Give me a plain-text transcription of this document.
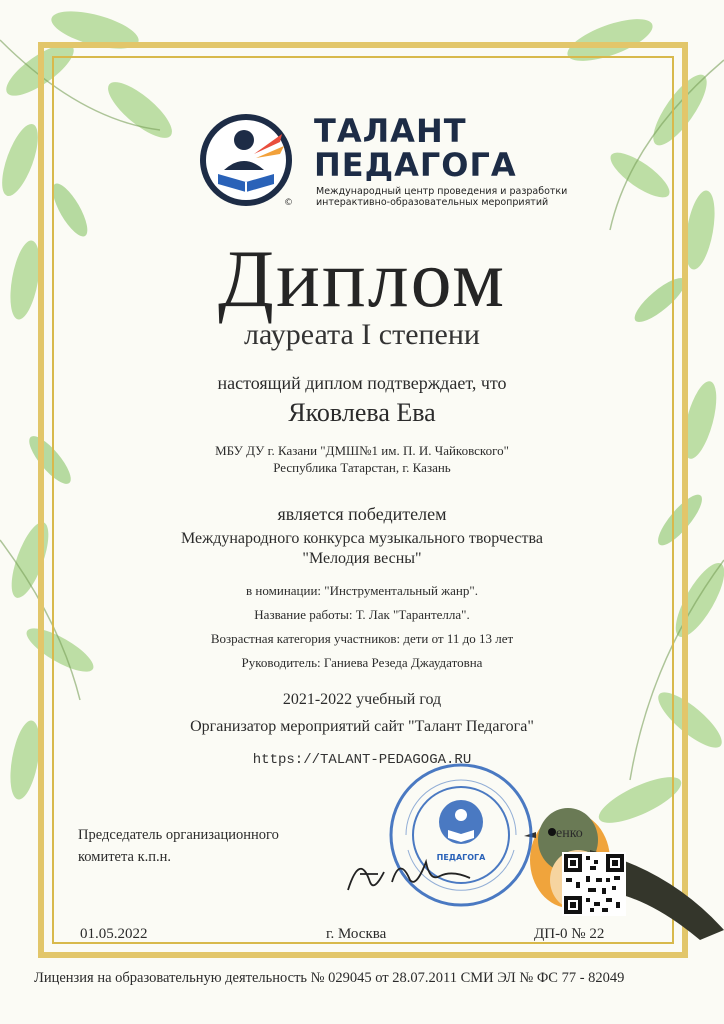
ТАЛАНТ
ПЕДАГОГА
Международный центр проведения и разработки
интерактивно-образовательных мероприятий
©
Диплом
лауреата I степени
настоящий диплом подтверждает, что
Яковлева Ева
МБУ ДУ г. Казани "ДМШ№1 им. П. И. Чайковского"
Республика Татарстан, г. Казань
является победителем
Международного конкурса музыкального творчества
"Мелодия весны"
в номинации: "Инструментальный жанр".
Название работы: Т. Лак "Тарантелла".
Возрастная категория участников: дети от 11 до 13 лет
Руководитель: Ганиева Резеда Джаудатовна
2021-2022 учебный год
Организатор мероприятий сайт "Талант Педагога"
https://TALANT-PEDAGOGA.RU
ПЕДАГОГА
Председатель организационного
комитета к.п.н.
енко
01.05.2022	г. Москва	ДП-0 № 22
Лицензия на образовательную деятельность № 029045 от 28.07.2011 СМИ ЭЛ № ФС 77 - 82049
